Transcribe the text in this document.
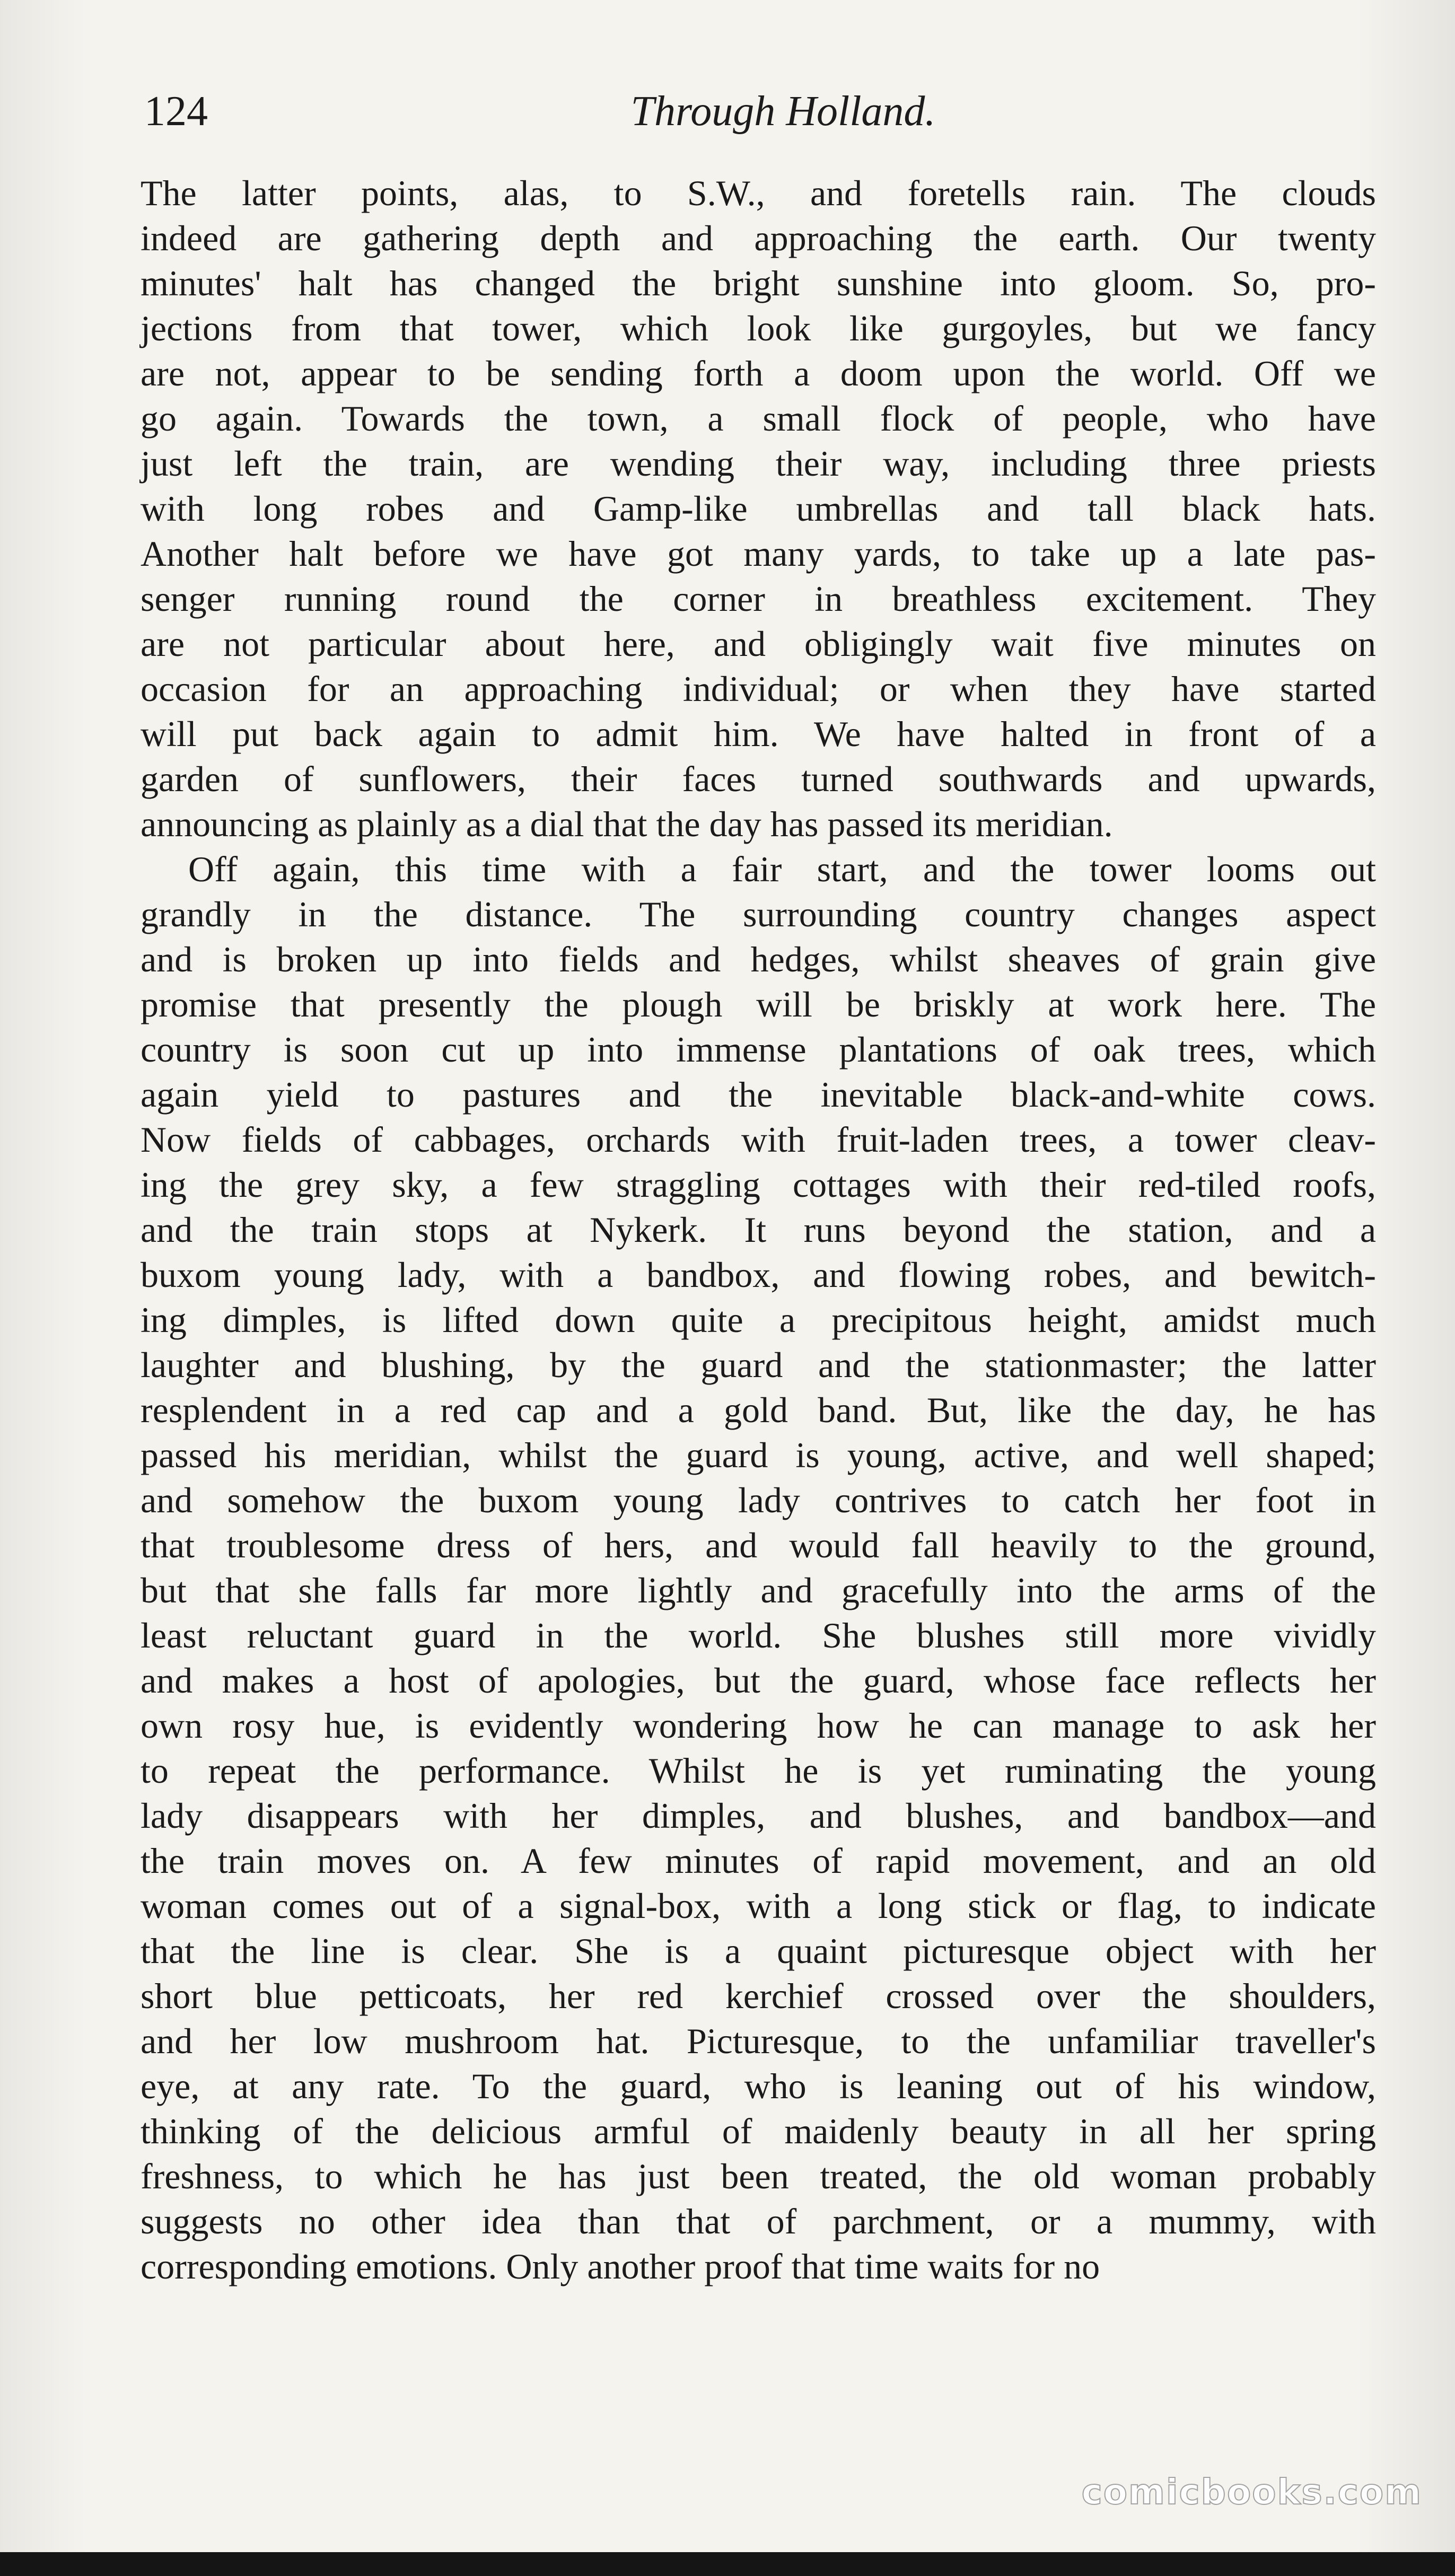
124	Through Holland.
The latter points, alas, to S.W., and foretells rain. The clouds
indeed are gathering depth and approaching the earth. Our twenty
minutes' halt has changed the bright sunshine into gloom. So, pro-
jections from that tower, which look like gurgoyles, but we fancy
are not, appear to be sending forth a doom upon the world. Off we
go again. Towards the town, a small flock of people, who have
just left the train, are wending their way, including three priests
with long robes and Gamp-like umbrellas and tall black hats.
Another halt before we have got many yards, to take up a late pas-
senger running round the corner in breathless excitement. They
are not particular about here, and obligingly wait five minutes on
occasion for an approaching individual; or when they have started
will put back again to admit him. We have halted in front of a
garden of sunflowers, their faces turned southwards and upwards,
announcing as plainly as a dial that the day has passed its meridian.
Off again, this time with a fair start, and the tower looms out
grandly in the distance. The surrounding country changes aspect
and is broken up into fields and hedges, whilst sheaves of grain give
promise that presently the plough will be briskly at work here. The
country is soon cut up into immense plantations of oak trees, which
again yield to pastures and the inevitable black-and-white cows.
Now fields of cabbages, orchards with fruit-laden trees, a tower cleav-
ing the grey sky, a few straggling cottages with their red-tiled roofs,
and the train stops at Nykerk. It runs beyond the station, and a
buxom young lady, with a bandbox, and flowing robes, and bewitch-
ing dimples, is lifted down quite a precipitous height, amidst much
laughter and blushing, by the guard and the stationmaster; the latter
resplendent in a red cap and a gold band. But, like the day, he has
passed his meridian, whilst the guard is young, active, and well shaped;
and somehow the buxom young lady contrives to catch her foot in
that troublesome dress of hers, and would fall heavily to the ground,
but that she falls far more lightly and gracefully into the arms of the
least reluctant guard in the world. She blushes still more vividly
and makes a host of apologies, but the guard, whose face reflects her
own rosy hue, is evidently wondering how he can manage to ask her
to repeat the performance. Whilst he is yet ruminating the young
lady disappears with her dimples, and blushes, and bandbox—and
the train moves on. A few minutes of rapid movement, and an old
woman comes out of a signal-box, with a long stick or flag, to indicate
that the line is clear. She is a quaint picturesque object with her
short blue petticoats, her red kerchief crossed over the shoulders,
and her low mushroom hat. Picturesque, to the unfamiliar traveller's
eye, at any rate. To the guard, who is leaning out of his window,
thinking of the delicious armful of maidenly beauty in all her spring
freshness, to which he has just been treated, the old woman probably
suggests no other idea than that of parchment, or a mummy, with
corresponding emotions. Only another proof that time waits for no
comicbooks.com
